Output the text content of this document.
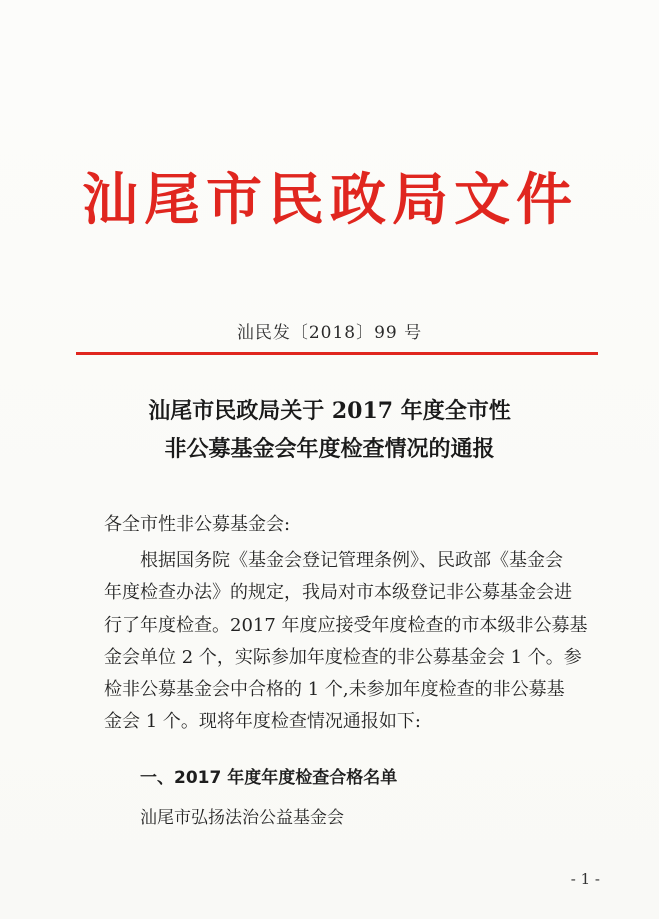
汕尾市民政局文件
汕民发〔2018〕99 号
汕尾市民政局关于 2017 年度全市性
非公募基金会年度检查情况的通报
各全市性非公募基金会:
根据国务院《基金会登记管理条例》、民政部《基金会
年度检查办法》的规定，我局对市本级登记非公募基金会进
行了年度检查。2017 年度应接受年度检查的市本级非公募基
金会单位 2 个，实际参加年度检查的非公募基金会 1 个。参
检非公募基金会中合格的 1 个,未参加年度检查的非公募基
金会 1 个。现将年度检查情况通报如下:
一、2017 年度年度检查合格名单
汕尾市弘扬法治公益基金会
- 1 -
